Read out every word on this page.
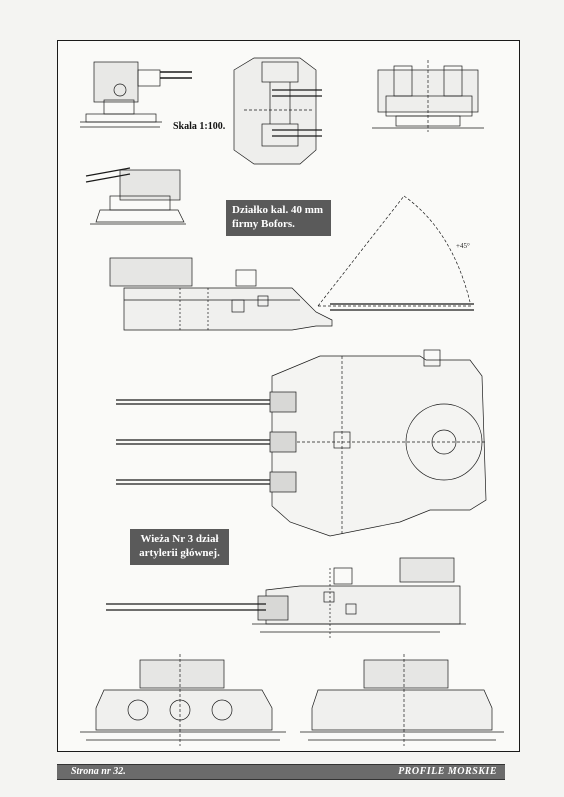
+45°
Skala 1:100.
Działko kal. 40 mm
firmy Bofors.
Wieża Nr 3 dział
artylerii głównej.
Strona nr 32.	PROFILE MORSKIE
